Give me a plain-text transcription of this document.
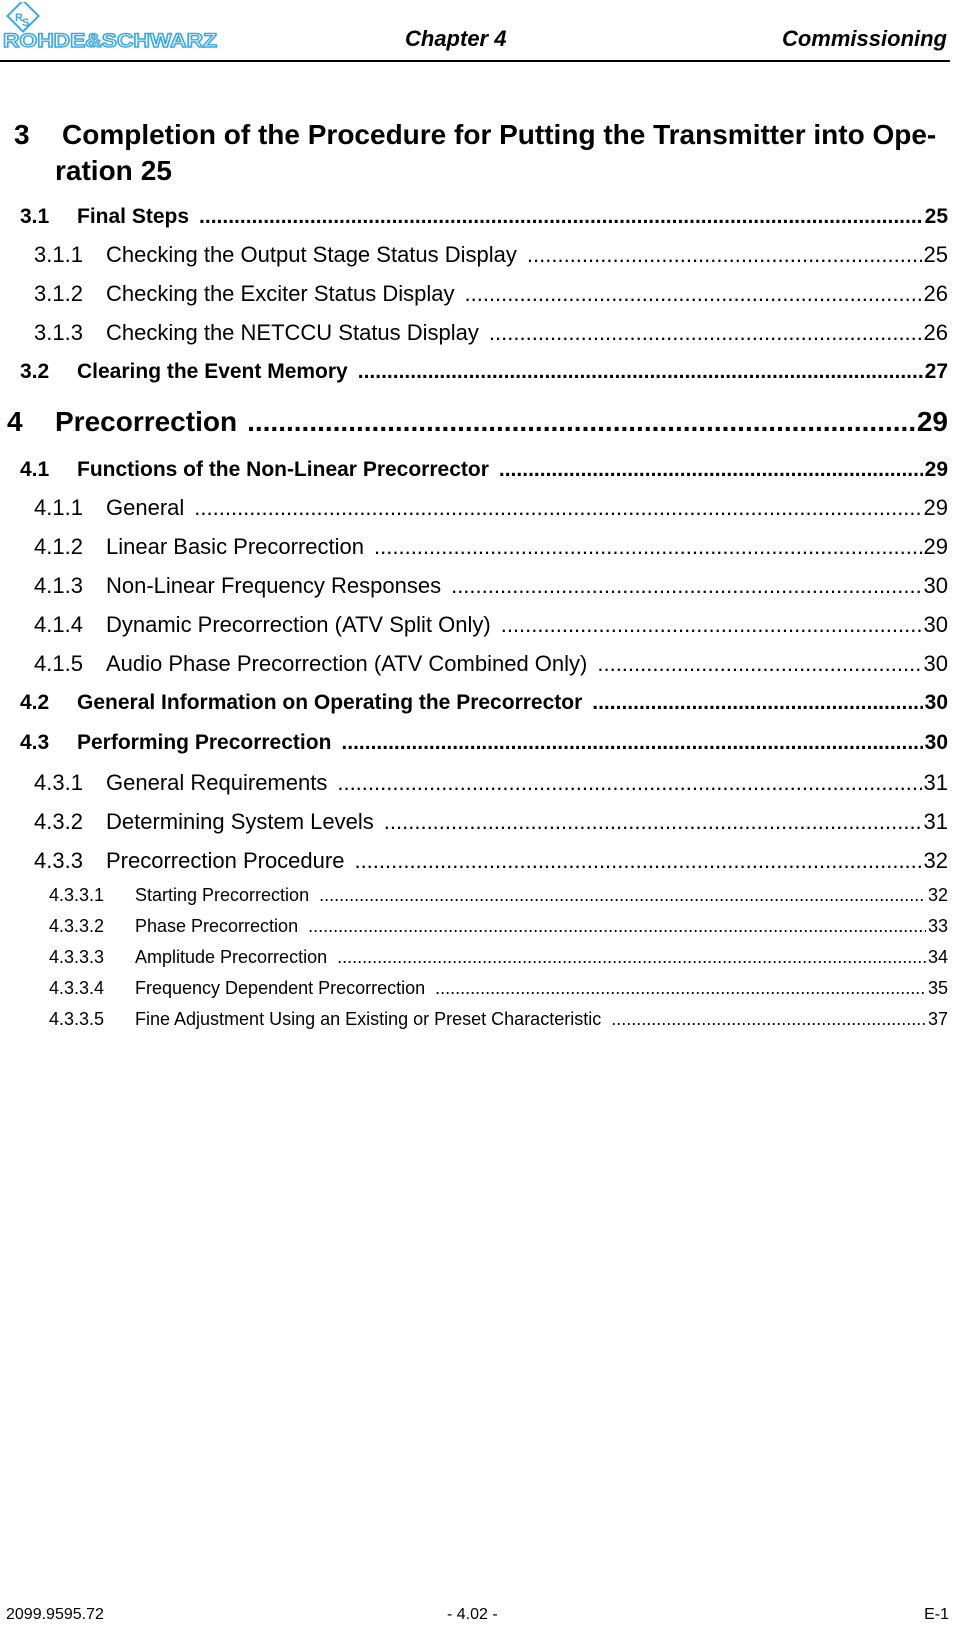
R S
ROHDE&SCHWARZ	Chapter 4	Commissioning
3 Completion of the Procedure for Putting the Transmitter into Ope-ration 25
3.1	Final Steps .....	25
3.1.1	Checking the Output Stage Status Display .....	25
3.1.2	Checking the Exciter Status Display .....	26
3.1.3	Checking the NETCCU Status Display .....	26
3.2	Clearing the Event Memory .....	27
4	Precorrection .....	29
4.1	Functions of the Non-Linear Precorrector .....	29
4.1.1	General .....	29
4.1.2	Linear Basic Precorrection .....	29
4.1.3	Non-Linear Frequency Responses .....	30
4.1.4	Dynamic Precorrection (ATV Split Only) .....	30
4.1.5	Audio Phase Precorrection (ATV Combined Only) .....	30
4.2	General Information on Operating the Precorrector .....	30
4.3	Performing Precorrection .....	30
4.3.1	General Requirements .....	31
4.3.2	Determining System Levels .....	31
4.3.3	Precorrection Procedure .....	32
4.3.3.1	Starting Precorrection .....	32
4.3.3.2	Phase Precorrection .....	33
4.3.3.3	Amplitude Precorrection .....	34
4.3.3.4	Frequency Dependent Precorrection .....	35
4.3.3.5	Fine Adjustment Using an Existing or Preset Characteristic .....	37
2099.9595.72	- 4.02 -	E-1
